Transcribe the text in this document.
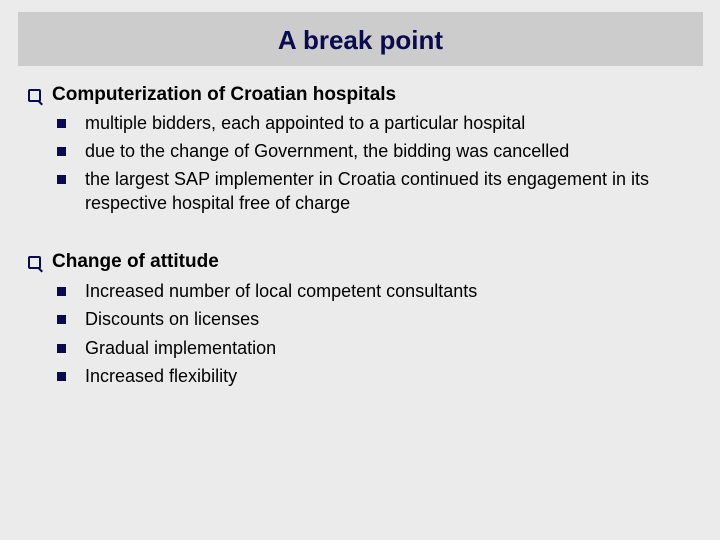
A break point
Computerization of Croatian hospitals
multiple bidders, each appointed to a particular hospital
due to the change of Government, the bidding was cancelled
the largest SAP implementer in Croatia continued its engagement in its respective hospital free of charge
Change of attitude
Increased number of local competent consultants
Discounts on licenses
Gradual implementation
Increased flexibility
